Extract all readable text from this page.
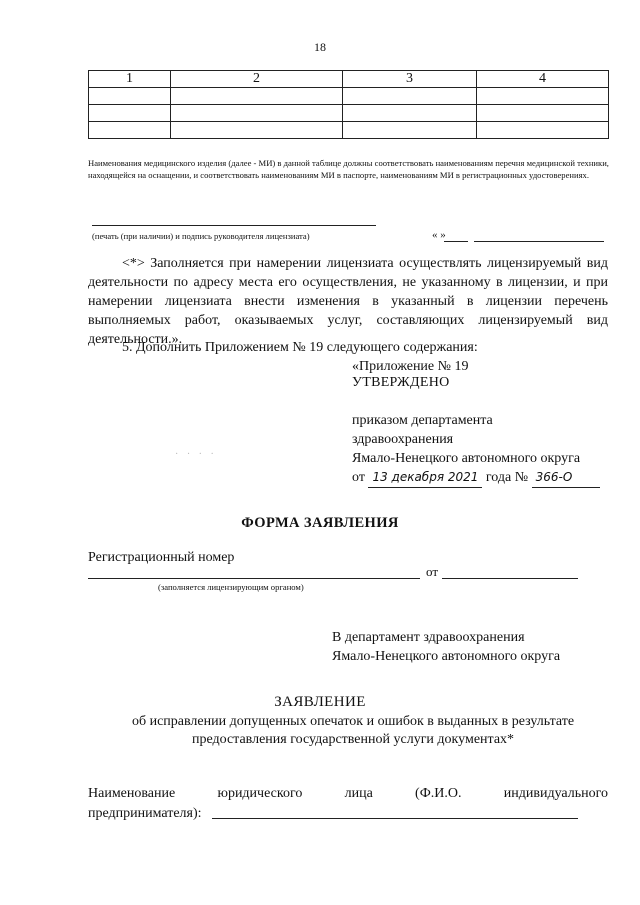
18
1	2	3	4

Наименования медицинского изделия (далее - МИ) в данной таблице должны соответствовать наименованиям перечня медицинской техники, находящейся на оснащении, и соответствовать наименованиям МИ в паспорте, наименованиям МИ в регистрационных удостоверениях.
(печать (при наличии) и подпись руководителя лицензиата)	« »
<*> Заполняется при намерении лицензиата осуществлять лицензируемый вид деятельности по адресу места его осуществления, не указанному в лицензии, и при намерении лицензиата внести изменения в указанный в лицензии перечень выполняемых работ, оказываемых услуг, составляющих лицензируемый вид деятельности.».
5. Дополнить Приложением № 19 следующего содержания:
«Приложение № 19
УТВЕРЖДЕНО
приказом департамента
здравоохранения
Ямало-Ненецкого автономного округа
от 13 декабря 2021 года № 366-О
· · · ·
ФОРМА ЗАЯВЛЕНИЯ
Регистрационный номер
от
(заполняется лицензирующим органом)
В департамент здравоохранения
Ямало-Ненецкого автономного округа
ЗАЯВЛЕНИЕ
об исправлении допущенных опечаток и ошибок в выданных в результате предоставления государственной услуги документах*
Наименование	юридического	лица	(Ф.И.О.	индивидуального
предпринимателя):
